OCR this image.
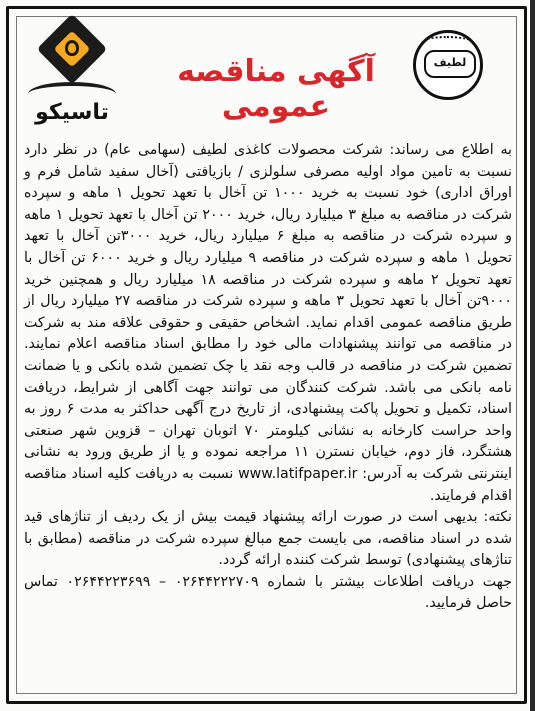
تاسیکو
لطیف
آگهی مناقصه عمومی

به اطلاع می رساند: شرکت محصولات کاغذی لطیف (سهامی عام) در نظر دارد نسبت به تامین مواد اولیه مصرفی سلولزی / بازیافتی (آخال سفید شامل فرم و اوراق اداری) خود نسبت به خرید ۱۰۰۰ تن آخال با تعهد تحویل ۱ ماهه و سپرده شرکت در مناقصه به مبلغ ۳ میلیارد ریال، خرید ۲۰۰۰ تن آخال با تعهد تحویل ۱ ماهه و سپرده شرکت در مناقصه به مبلغ ۶ میلیارد ریال، خرید ۳۰۰۰تن آخال با تعهد تحویل ۱ ماهه و سپرده شرکت در مناقصه ۹ میلیارد ریال و خرید ۶۰۰۰ تن آخال با تعهد تحویل ۲ ماهه و سپرده شرکت در مناقصه ۱۸ میلیارد ریال و همچنین خرید ۹۰۰۰تن آخال با تعهد تحویل ۳ ماهه و سپرده شرکت در مناقصه ۲۷ میلیارد ریال از طریق مناقصه عمومی اقدام نماید. اشخاص حقیقی و حقوقی علاقه مند به شرکت در مناقصه می توانند پیشنهادات مالی خود را مطابق اسناد مناقصه اعلام نمایند. تضمین شرکت در مناقصه در قالب وجه نقد یا چک تضمین شده بانکی و یا ضمانت نامه بانکی می باشد. شرکت کنندگان می توانند جهت آگاهی از شرایط، دریافت اسناد، تکمیل و تحویل پاکت پیشنهادی، از تاریخ درج آگهی حداکثر به مدت ۶ روز به واحد حراست کارخانه به نشانی کیلومتر ۷۰ اتوبان تهران – قزوین شهر صنعتی هشتگرد، فاز دوم، خیابان نسترن ۱۱ مراجعه نموده و یا از طریق ورود به نشانی اینترنتی شرکت به آدرس: www.latifpaper.ir نسبت به دریافت کلیه اسناد مناقصه اقدام فرمایند.

نکته: بدیهی است در صورت ارائه پیشنهاد قیمت بیش از یک ردیف از تناژهای قید شده در اسناد مناقصه، می بایست جمع مبالغ سپرده شرکت در مناقصه (مطابق با تناژهای پیشنهادی) توسط شرکت کننده ارائه گردد.

جهت دریافت اطلاعات بیشتر با شماره ۰۲۶۴۴۲۲۲۷۰۹ – ۰۲۶۴۴۲۲۳۶۹۹ تماس حاصل فرمایید.
